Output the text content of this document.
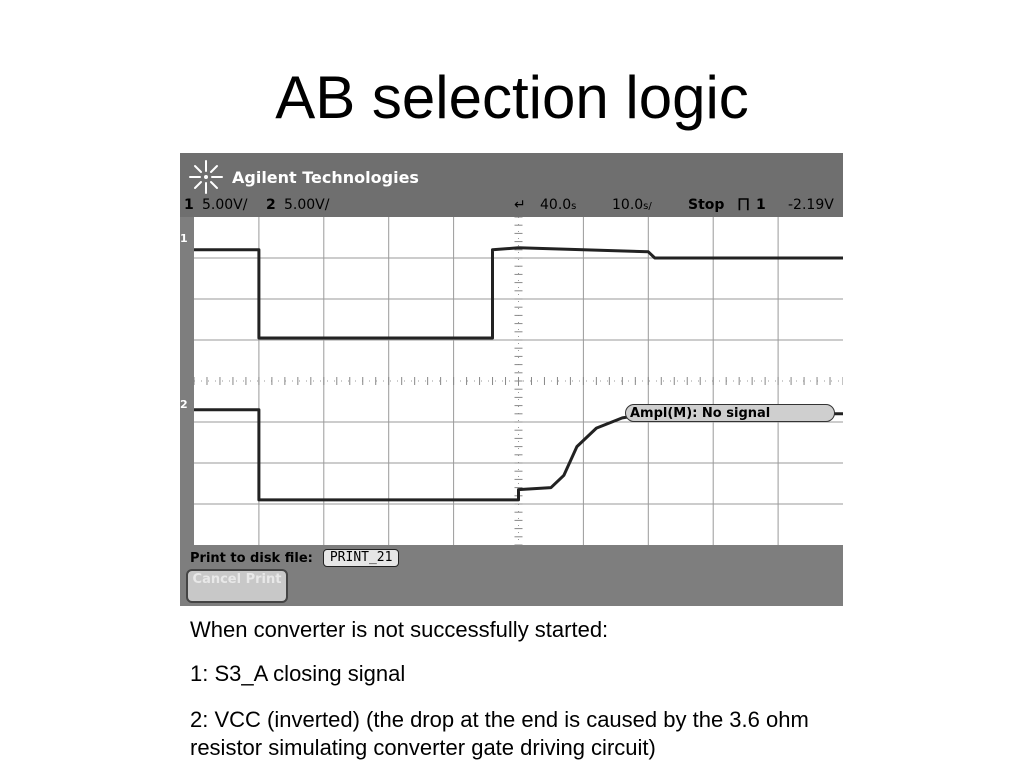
AB selection logic
Agilent Technologies
1 5.00V/ 2 5.00V/	↵ 40.0s	10.0s/	Stop ⨅ 1 -2.19V
1
2
Ampl(M): No signal
Print to disk file:	PRINT_21
Cancel Print

When converter is not successfully started:

1: S3_A closing signal

2: VCC (inverted) (the drop at the end is caused by the 3.6 ohm resistor simulating converter gate driving circuit)
